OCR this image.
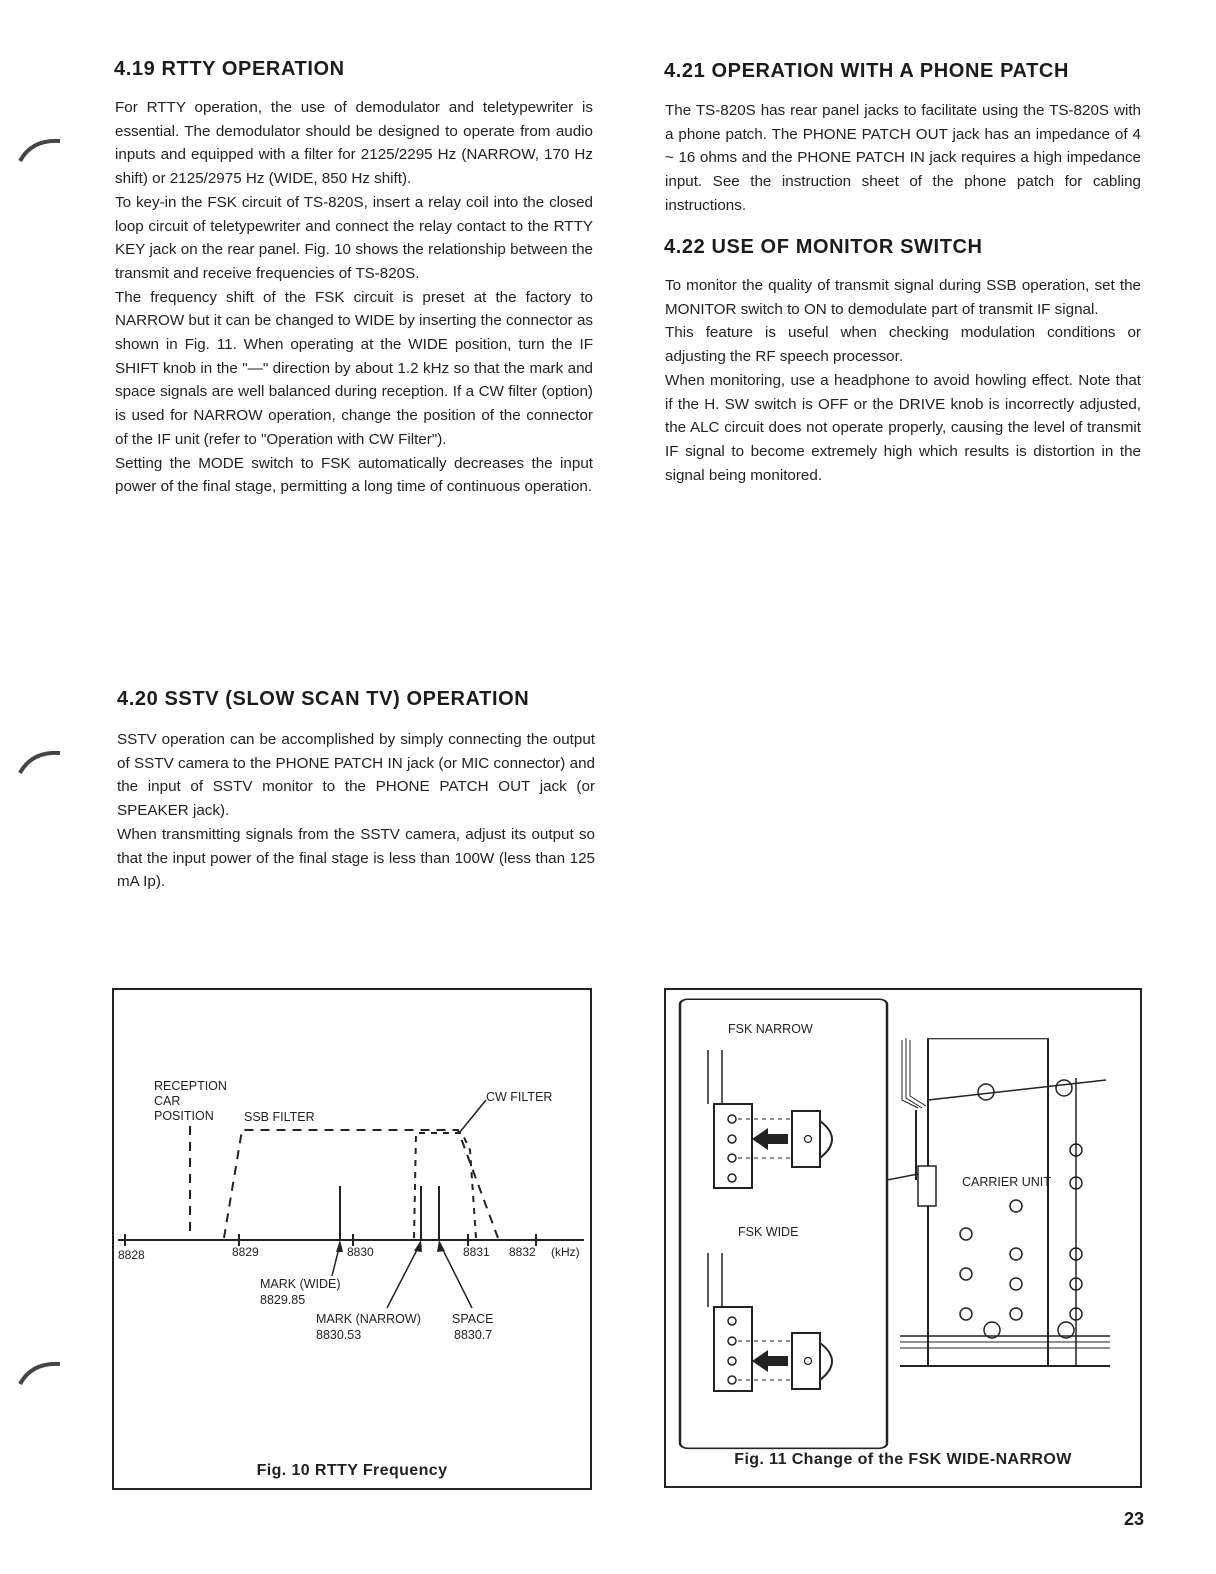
4.19 RTTY OPERATION

For RTTY operation, the use of demodulator and teletypewriter is essential. The demodulator should be designed to operate from audio inputs and equipped with a filter for 2125/2295 Hz (NARROW, 170 Hz shift) or 2125/2975 Hz (WIDE, 850 Hz shift).

To key-in the FSK circuit of TS-820S, insert a relay coil into the closed loop circuit of teletypewriter and connect the relay contact to the RTTY KEY jack on the rear panel. Fig. 10 shows the relationship between the transmit and receive frequencies of TS-820S.

The frequency shift of the FSK circuit is preset at the factory to NARROW but it can be changed to WIDE by inserting the connector as shown in Fig. 11. When operating at the WIDE position, turn the IF SHIFT knob in the "—" direction by about 1.2 kHz so that the mark and space signals are well balanced during reception. If a CW filter (option) is used for NARROW operation, change the position of the connector of the IF unit (refer to "Operation with CW Filter").

Setting the MODE switch to FSK automatically decreases the input power of the final stage, permitting a long time of continuous operation.

4.20 SSTV (SLOW SCAN TV) OPERATION

SSTV operation can be accomplished by simply connecting the output of SSTV camera to the PHONE PATCH IN jack (or MIC connector) and the input of SSTV monitor to the PHONE PATCH OUT jack (or SPEAKER jack).

When transmitting signals from the SSTV camera, adjust its output so that the input power of the final stage is less than 100W (less than 125 mA Ip).

4.21 OPERATION WITH A PHONE PATCH

The TS-820S has rear panel jacks to facilitate using the TS-820S with a phone patch. The PHONE PATCH OUT jack has an impedance of 4 ~ 16 ohms and the PHONE PATCH IN jack requires a high impedance input. See the instruction sheet of the phone patch for cabling instructions.

4.22 USE OF MONITOR SWITCH

To monitor the quality of transmit signal during SSB operation, set the MONITOR switch to ON to demodulate part of transmit IF signal.

This feature is useful when checking modulation conditions or adjusting the RF speech processor.

When monitoring, use a headphone to avoid howling effect. Note that if the H. SW switch is OFF or the DRIVE knob is incorrectly adjusted, the ALC circuit does not operate properly, causing the level of transmit IF signal to become extremely high which results is distortion in the signal being monitored.

8828	8829	8830	8831 8832 (kHz)
RECEPTION
CAR
POSITION SSB FILTER
CW FILTER
MARK (WIDE)
8829.85
MARK (NARROW)
8830.53
SPACE
8830.7
Fig. 10 RTTY Frequency
FSK NARROW
FSK WIDE
CARRIER UNIT
Fig. 11 Change of the FSK WIDE-NARROW
23
